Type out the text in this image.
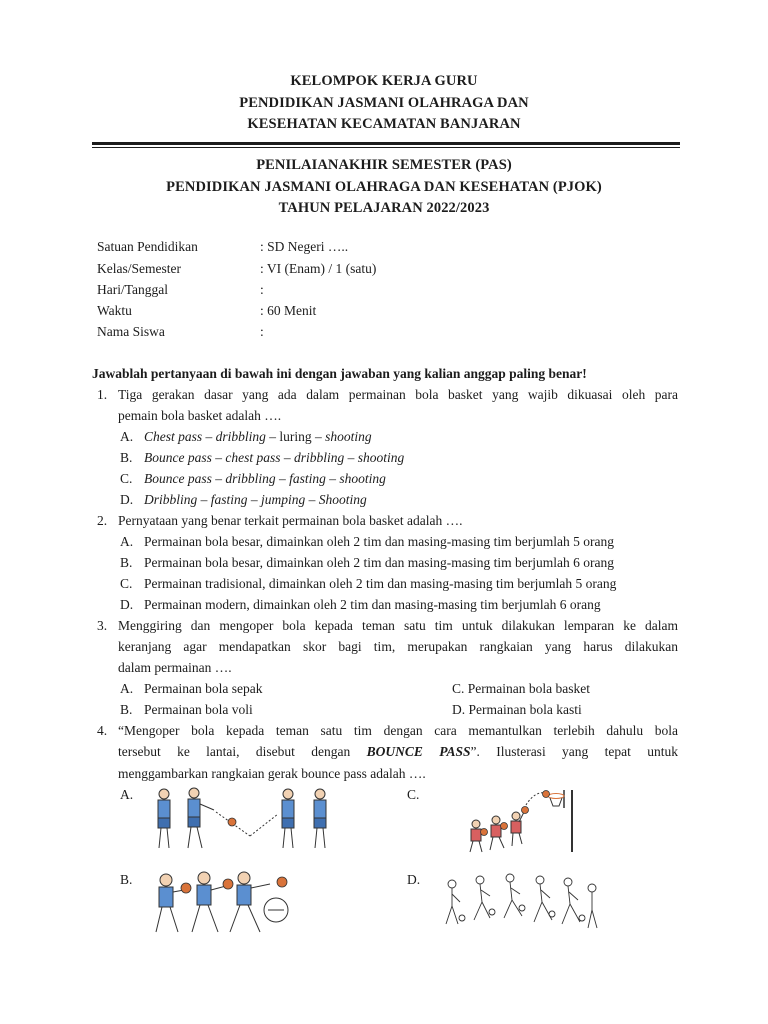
KELOMPOK KERJA GURU
PENDIDIKAN JASMANI OLAHRAGA DAN
KESEHATAN KECAMATAN BANJARAN
PENILAIANAKHIR SEMESTER (PAS)
PENDIDIKAN JASMANI OLAHRAGA DAN KESEHATAN (PJOK)
TAHUN PELAJARAN 2022/2023
Satuan Pendidikan	: SD Negeri …..
Kelas/Semester	: VI (Enam) / 1 (satu)
Hari/Tanggal	:
Waktu	: 60 Menit
Nama Siswa	:
Jawablah pertanyaan di bawah ini dengan jawaban yang kalian anggap paling benar!
1. Tiga gerakan dasar yang ada dalam permainan bola basket yang wajib dikuasai oleh para
pemain bola basket adalah ….
A. Chest pass – dribbling – luring – shooting
B. Bounce pass – chest pass – dribbling – shooting
C. Bounce pass – dribbling – fasting – shooting
D. Dribbling – fasting – jumping – Shooting
2. Pernyataan yang benar terkait permainan bola basket adalah ….
A. Permainan bola besar, dimainkan oleh 2 tim dan masing-masing tim berjumlah 5 orang
B. Permainan bola besar, dimainkan oleh 2 tim dan masing-masing tim berjumlah 6 orang
C. Permainan tradisional, dimainkan oleh 2 tim dan masing-masing tim berjumlah 5 orang
D. Permainan modern, dimainkan oleh 2 tim dan masing-masing tim berjumlah 6 orang
3. Menggiring dan mengoper bola kepada teman satu tim untuk dilakukan lemparan ke dalam
keranjang agar mendapatkan skor bagi tim, merupakan rangkaian yang harus dilakukan
dalam permainan ….
A. Permainan bola sepak
B. Permainan bola voli
C. Permainan bola basket
D. Permainan bola kasti
4. “Mengoper bola kepada teman satu tim dengan cara memantulkan terlebih dahulu bola
tersebut ke lantai, disebut dengan BOUNCE PASS”. Ilusterasi yang tepat untuk
menggambarkan rangkaian gerak bounce pass adalah ….
A.
B.
C.
D.
